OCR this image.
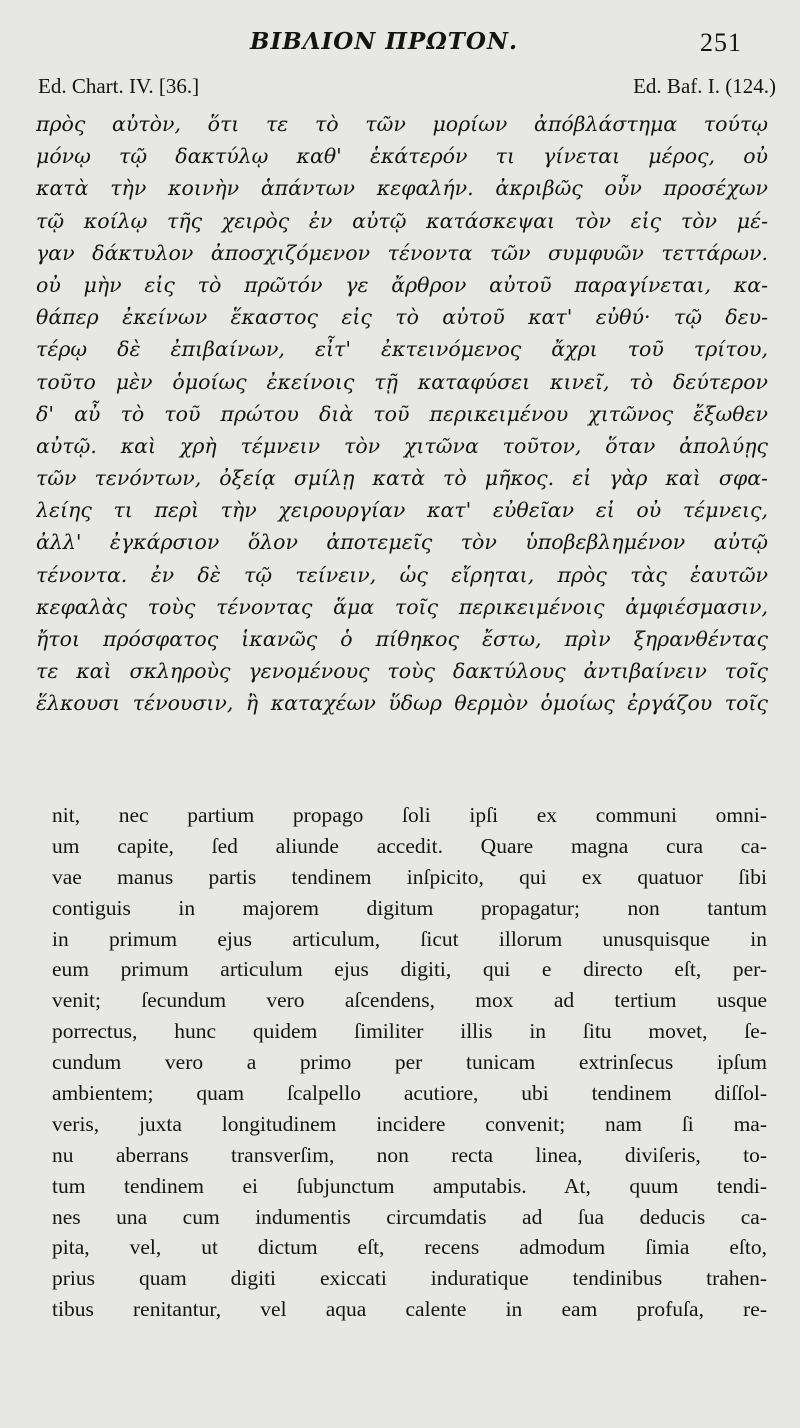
ΒΙΒΛΙΟΝ ΠΡΩΤΟΝ.	251
Ed. Chart. IV. [36.]	Ed. Baf. I. (124.)
πρὸς αὐτὸν, ὅτι τε τὸ τῶν μορίων ἀπόβλάστημα τούτῳ
μόνῳ τῷ δακτύλῳ καθ' ἑκάτερόν τι γίνεται μέρος, οὐ
κατὰ τὴν κοινὴν ἁπάντων κεφαλήν. ἀκριβῶς οὖν προσέχων
τῷ κοίλῳ τῆς χειρὸς ἐν αὐτῷ κατάσκεψαι τὸν εἰς τὸν μέ-
γαν δάκτυλον ἀποσχιζόμενον τένοντα τῶν συμφυῶν τεττάρων.
οὐ μὴν εἰς τὸ πρῶτόν γε ἄρθρον αὐτοῦ παραγίνεται, κα-
θάπερ ἐκείνων ἕκαστος εἰς τὸ αὐτοῦ κατ' εὐθύ· τῷ δευ-
τέρῳ δὲ ἐπιβαίνων, εἶτ' ἐκτεινόμενος ἄχρι τοῦ τρίτου,
τοῦτο μὲν ὁμοίως ἐκείνοις τῇ καταφύσει κινεῖ, τὸ δεύτερον
δ' αὖ τὸ τοῦ πρώτου διὰ τοῦ περικειμένου χιτῶνος ἔξωθεν
αὐτῷ. καὶ χρὴ τέμνειν τὸν χιτῶνα τοῦτον, ὅταν ἀπολύῃς
τῶν τενόντων, ὀξείᾳ σμίλῃ κατὰ τὸ μῆκος. εἰ γὰρ καὶ σφα-
λείης τι περὶ τὴν χειρουργίαν κατ' εὐθεῖαν εἰ οὐ τέμνεις,
ἀλλ' ἐγκάρσιον ὅλον ἀποτεμεῖς τὸν ὑποβεβλημένον αὐτῷ
τένοντα. ἐν δὲ τῷ τείνειν, ὡς εἴρηται, πρὸς τὰς ἑαυτῶν
κεφαλὰς τοὺς τένοντας ἅμα τοῖς περικειμένοις ἀμφιέσμασιν,
ἤτοι πρόσφατος ἱκανῶς ὁ πίθηκος ἔστω, πρὶν ξηρανθέντας
τε καὶ σκληροὺς γενομένους τοὺς δακτύλους ἀντιβαίνειν τοῖς
ἕλκουσι τένουσιν, ἢ καταχέων ὕδωρ θερμὸν ὁμοίως ἐργάζου τοῖς
nit, nec partium propago ſoli ipſi ex communi omni-
um capite, ſed aliunde accedit. Quare magna cura ca-
vae manus partis tendinem inſpicito, qui ex quatuor ſibi
contiguis in majorem digitum propagatur; non tantum
in primum ejus articulum, ſicut illorum unusquisque in
eum primum articulum ejus digiti, qui e directo eſt, per-
venit; ſecundum vero aſcendens, mox ad tertium usque
porrectus, hunc quidem ſimiliter illis in ſitu movet, ſe-
cundum vero a primo per tunicam extrinſecus ipſum
ambientem; quam ſcalpello acutiore, ubi tendinem diſſol-
veris, juxta longitudinem incidere convenit; nam ſi ma-
nu aberrans transverſim, non recta linea, diviſeris, to-
tum tendinem ei ſubjunctum amputabis. At, quum tendi-
nes una cum indumentis circumdatis ad ſua deducis ca-
pita, vel, ut dictum eſt, recens admodum ſimia eſto,
prius quam digiti exiccati induratique tendinibus trahen-
tibus renitantur, vel aqua calente in eam profuſa, re-
